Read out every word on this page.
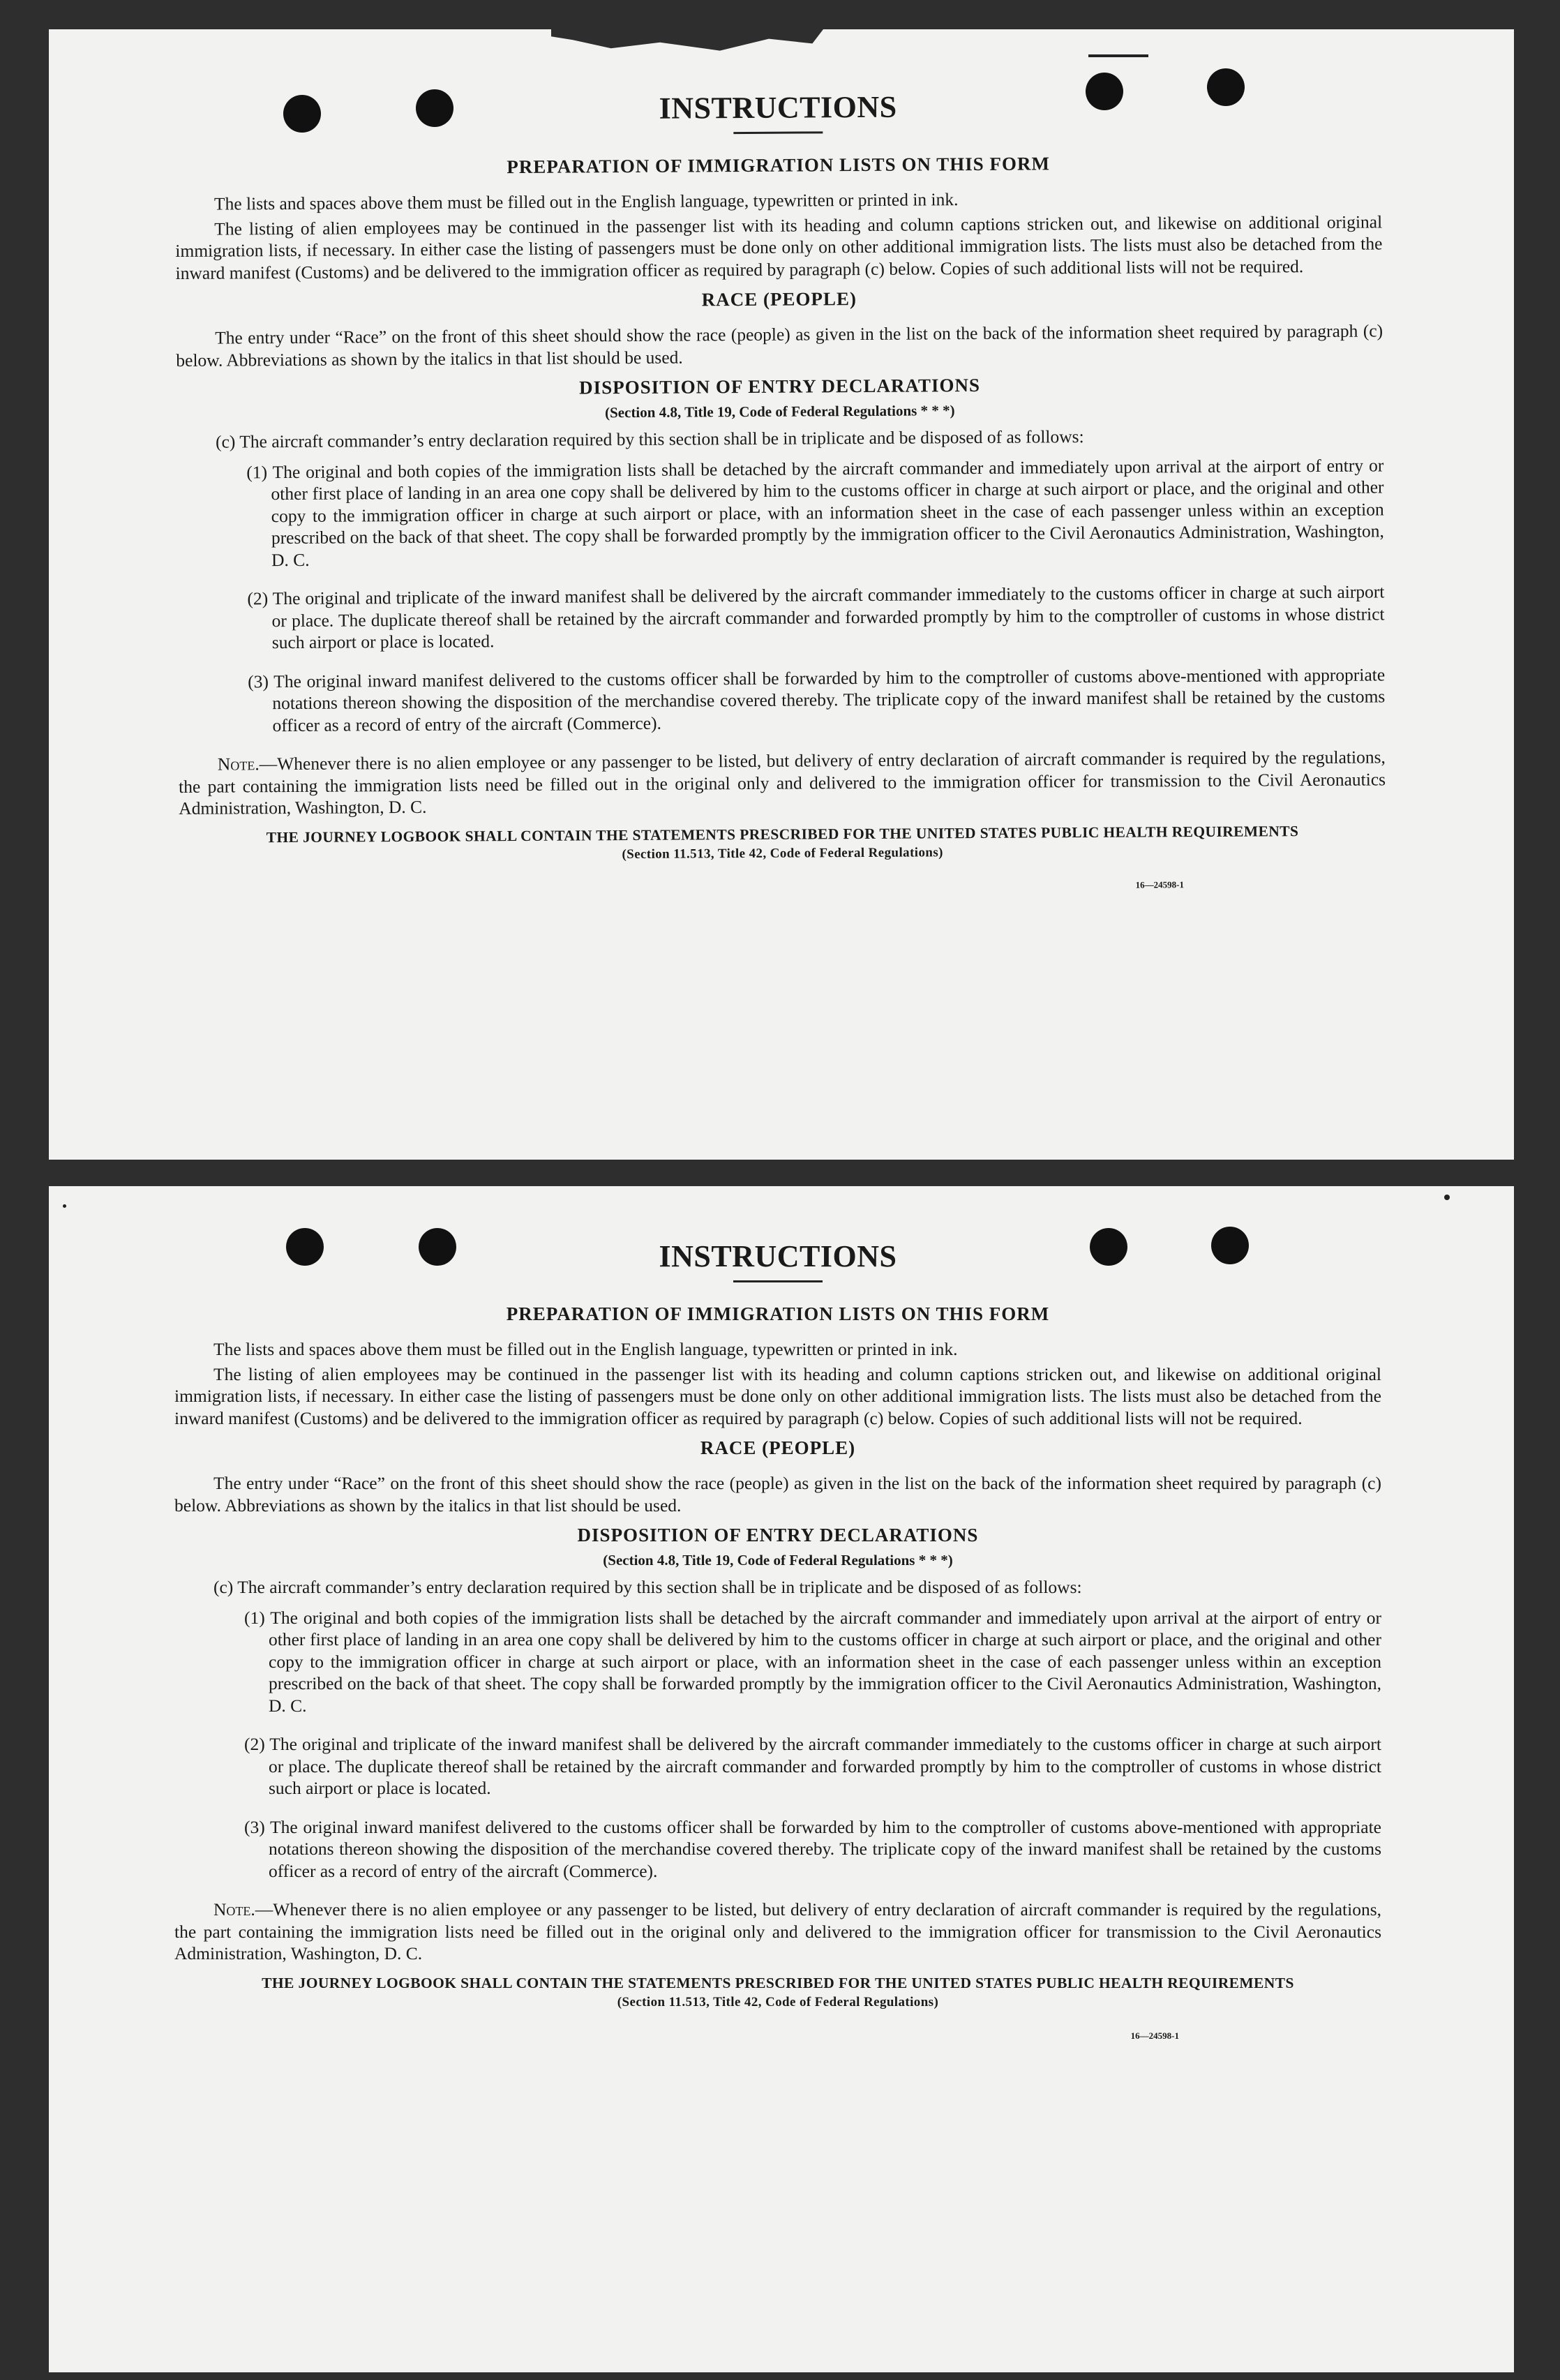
INSTRUCTIONS
PREPARATION OF IMMIGRATION LISTS ON THIS FORM

The lists and spaces above them must be filled out in the English language, typewritten or printed in ink.

The listing of alien employees may be continued in the passenger list with its heading and column captions stricken out, and likewise on additional original immigration lists, if necessary. In either case the listing of passengers must be done only on other additional immigration lists. The lists must also be detached from the inward manifest (Customs) and be delivered to the immigration officer as required by paragraph (c) below. Copies of such additional lists will not be required.

RACE (PEOPLE)

The entry under “Race” on the front of this sheet should show the race (people) as given in the list on the back of the information sheet required by paragraph (c) below. Abbreviations as shown by the italics in that list should be used.

DISPOSITION OF ENTRY DECLARATIONS

(Section 4.8, Title 19, Code of Federal Regulations * * *)

(c) The aircraft commander’s entry declaration required by this section shall be in triplicate and be disposed of as follows:

(1) The original and both copies of the immigration lists shall be detached by the aircraft commander and immediately upon arrival at the airport of entry or other first place of landing in an area one copy shall be delivered by him to the customs officer in charge at such airport or place, and the original and other copy to the immigration officer in charge at such airport or place, with an information sheet in the case of each passenger unless within an exception prescribed on the back of that sheet. The copy shall be forwarded promptly by the immigration officer to the Civil Aeronautics Administration, Washington, D. C.

(2) The original and triplicate of the inward manifest shall be delivered by the aircraft commander immediately to the customs officer in charge at such airport or place. The duplicate thereof shall be retained by the aircraft commander and forwarded promptly by him to the comptroller of customs in whose district such airport or place is located.

(3) The original inward manifest delivered to the customs officer shall be forwarded by him to the comptroller of customs above-mentioned with appropriate notations thereon showing the disposition of the merchandise covered thereby. The triplicate copy of the inward manifest shall be retained by the customs officer as a record of entry of the aircraft (Commerce).

Note.—Whenever there is no alien employee or any passenger to be listed, but delivery of entry declaration of aircraft commander is required by the regulations, the part containing the immigration lists need be filled out in the original only and delivered to the immigration officer for transmission to the Civil Aeronautics Administration, Washington, D. C.

THE JOURNEY LOGBOOK SHALL CONTAIN THE STATEMENTS PRESCRIBED FOR THE UNITED STATES PUBLIC HEALTH REQUIREMENTS

(Section 11.513, Title 42, Code of Federal Regulations)

16—24598-1
INSTRUCTIONS
PREPARATION OF IMMIGRATION LISTS ON THIS FORM

The lists and spaces above them must be filled out in the English language, typewritten or printed in ink.

The listing of alien employees may be continued in the passenger list with its heading and column captions stricken out, and likewise on additional original immigration lists, if necessary. In either case the listing of passengers must be done only on other additional immigration lists. The lists must also be detached from the inward manifest (Customs) and be delivered to the immigration officer as required by paragraph (c) below. Copies of such additional lists will not be required.

RACE (PEOPLE)

The entry under “Race” on the front of this sheet should show the race (people) as given in the list on the back of the information sheet required by paragraph (c) below. Abbreviations as shown by the italics in that list should be used.

DISPOSITION OF ENTRY DECLARATIONS

(Section 4.8, Title 19, Code of Federal Regulations * * *)

(c) The aircraft commander’s entry declaration required by this section shall be in triplicate and be disposed of as follows:

(1) The original and both copies of the immigration lists shall be detached by the aircraft commander and immediately upon arrival at the airport of entry or other first place of landing in an area one copy shall be delivered by him to the customs officer in charge at such airport or place, and the original and other copy to the immigration officer in charge at such airport or place, with an information sheet in the case of each passenger unless within an exception prescribed on the back of that sheet. The copy shall be forwarded promptly by the immigration officer to the Civil Aeronautics Administration, Washington, D. C.

(2) The original and triplicate of the inward manifest shall be delivered by the aircraft commander immediately to the customs officer in charge at such airport or place. The duplicate thereof shall be retained by the aircraft commander and forwarded promptly by him to the comptroller of customs in whose district such airport or place is located.

(3) The original inward manifest delivered to the customs officer shall be forwarded by him to the comptroller of customs above-mentioned with appropriate notations thereon showing the disposition of the merchandise covered thereby. The triplicate copy of the inward manifest shall be retained by the customs officer as a record of entry of the aircraft (Commerce).

Note.—Whenever there is no alien employee or any passenger to be listed, but delivery of entry declaration of aircraft commander is required by the regulations, the part containing the immigration lists need be filled out in the original only and delivered to the immigration officer for transmission to the Civil Aeronautics Administration, Washington, D. C.

THE JOURNEY LOGBOOK SHALL CONTAIN THE STATEMENTS PRESCRIBED FOR THE UNITED STATES PUBLIC HEALTH REQUIREMENTS

(Section 11.513, Title 42, Code of Federal Regulations)

16—24598-1
